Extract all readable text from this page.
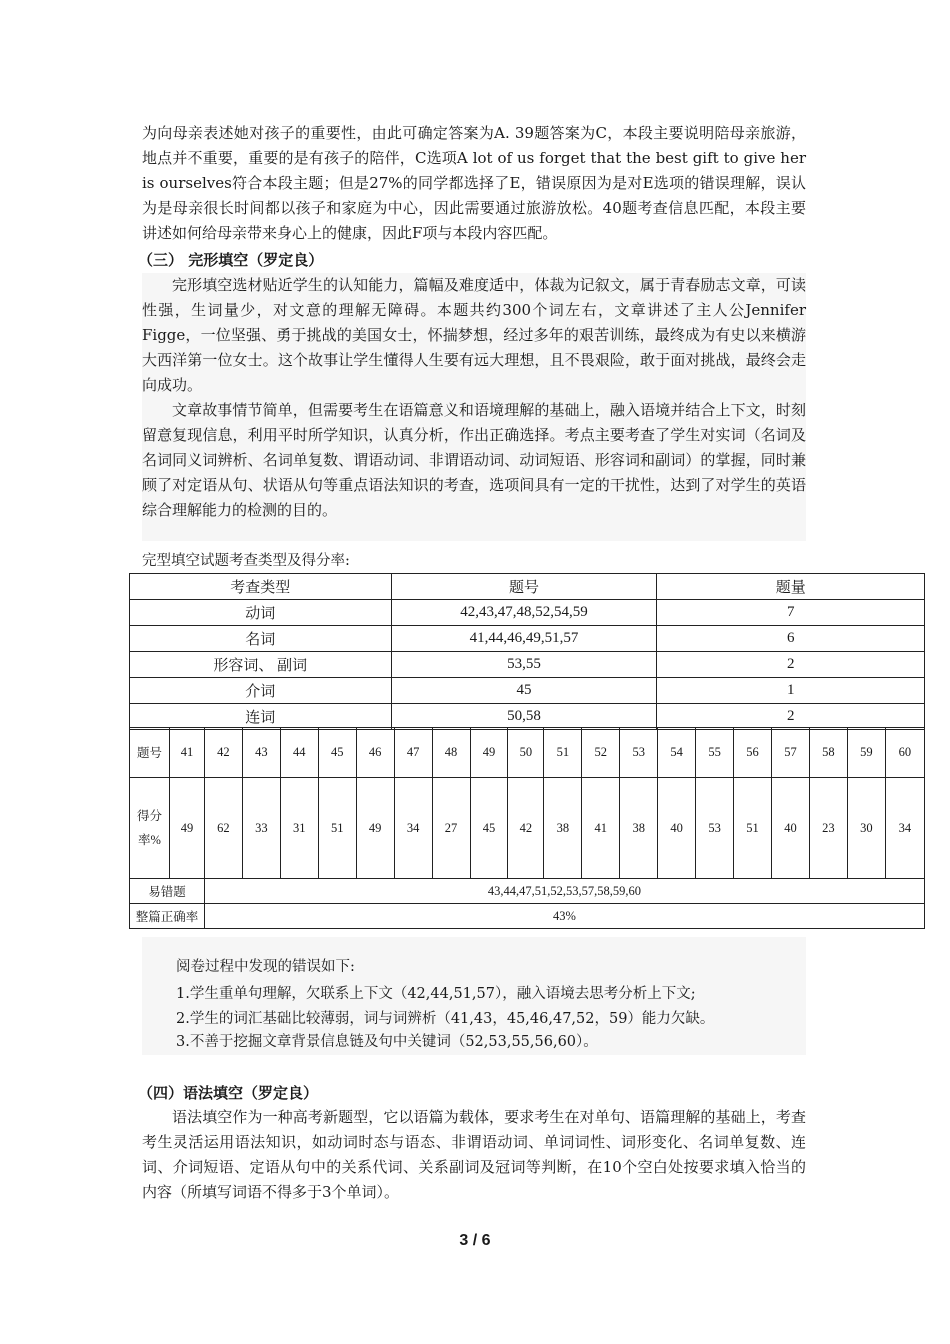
为向母亲表述她对孩子的重要性，由此可确定答案为A. 39题答案为C，本段主要说明陪母亲旅游，地点并不重要，重要的是有孩子的陪伴，C选项A lot of us forget that the best gift to give her is ourselves符合本段主题；但是27%的同学都选择了E，错误原因为是对E选项的错误理解，误认为是母亲很长时间都以孩子和家庭为中心，因此需要通过旅游放松。40题考查信息匹配，本段主要讲述如何给母亲带来身心上的健康，因此F项与本段内容匹配。

（三） 完形填空（罗定良）

完形填空选材贴近学生的认知能力，篇幅及难度适中，体裁为记叙文，属于青春励志文章，可读性强，生词量少，对文意的理解无障碍。本题共约300个词左右，文章讲述了主人公Jennifer Figge，一位坚强、勇于挑战的美国女士，怀揣梦想，经过多年的艰苦训练，最终成为有史以来横游大西洋第一位女士。这个故事让学生懂得人生要有远大理想，且不畏艰险，敢于面对挑战，最终会走向成功。

文章故事情节简单，但需要考生在语篇意义和语境理解的基础上，融入语境并结合上下文，时刻留意复现信息，利用平时所学知识，认真分析，作出正确选择。考点主要考查了学生对实词（名词及名词同义词辨析、名词单复数、谓语动词、非谓语动词、动词短语、形容词和副词）的掌握，同时兼顾了对定语从句、状语从句等重点语法知识的考查，选项间具有一定的干扰性，达到了对学生的英语综合理解能力的检测的目的。

完型填空试题考查类型及得分率:

考查类型	题号	题量
动词	42,43,47,48,52,54,59	7
名词	41,44,46,49,51,57	6
形容词、 副词	53,55	2
介词	45	1
连词	50,58	2
题号	41	42	43	44	45	46	47	48	49	50	51	52	53	54	55	56	57	58	59	60
得分率%	49	62	33	31	51	49	34	27	45	42	38	41	38	40	53	51	40	23	30	34
易错题		43,44,47,51,52,53,57,58,59,60																		
整篇正确率		43%																		

阅卷过程中发现的错误如下:

1.学生重单句理解，欠联系上下文（42,44,51,57），融入语境去思考分析上下文;

2.学生的词汇基础比较薄弱，词与词辨析（41,43，45,46,47,52，59）能力欠缺。

3.不善于挖掘文章背景信息链及句中关键词（52,53,55,56,60）。

（四）语法填空（罗定良）

语法填空作为一种高考新题型，它以语篇为载体，要求考生在对单句、语篇理解的基础上，考查考生灵活运用语法知识，如动词时态与语态、非谓语动词、单词词性、词形变化、名词单复数、连词、介词短语、定语从句中的关系代词、关系副词及冠词等判断，在10个空白处按要求填入恰当的内容（所填写词语不得多于3个单词）。

3 / 6
